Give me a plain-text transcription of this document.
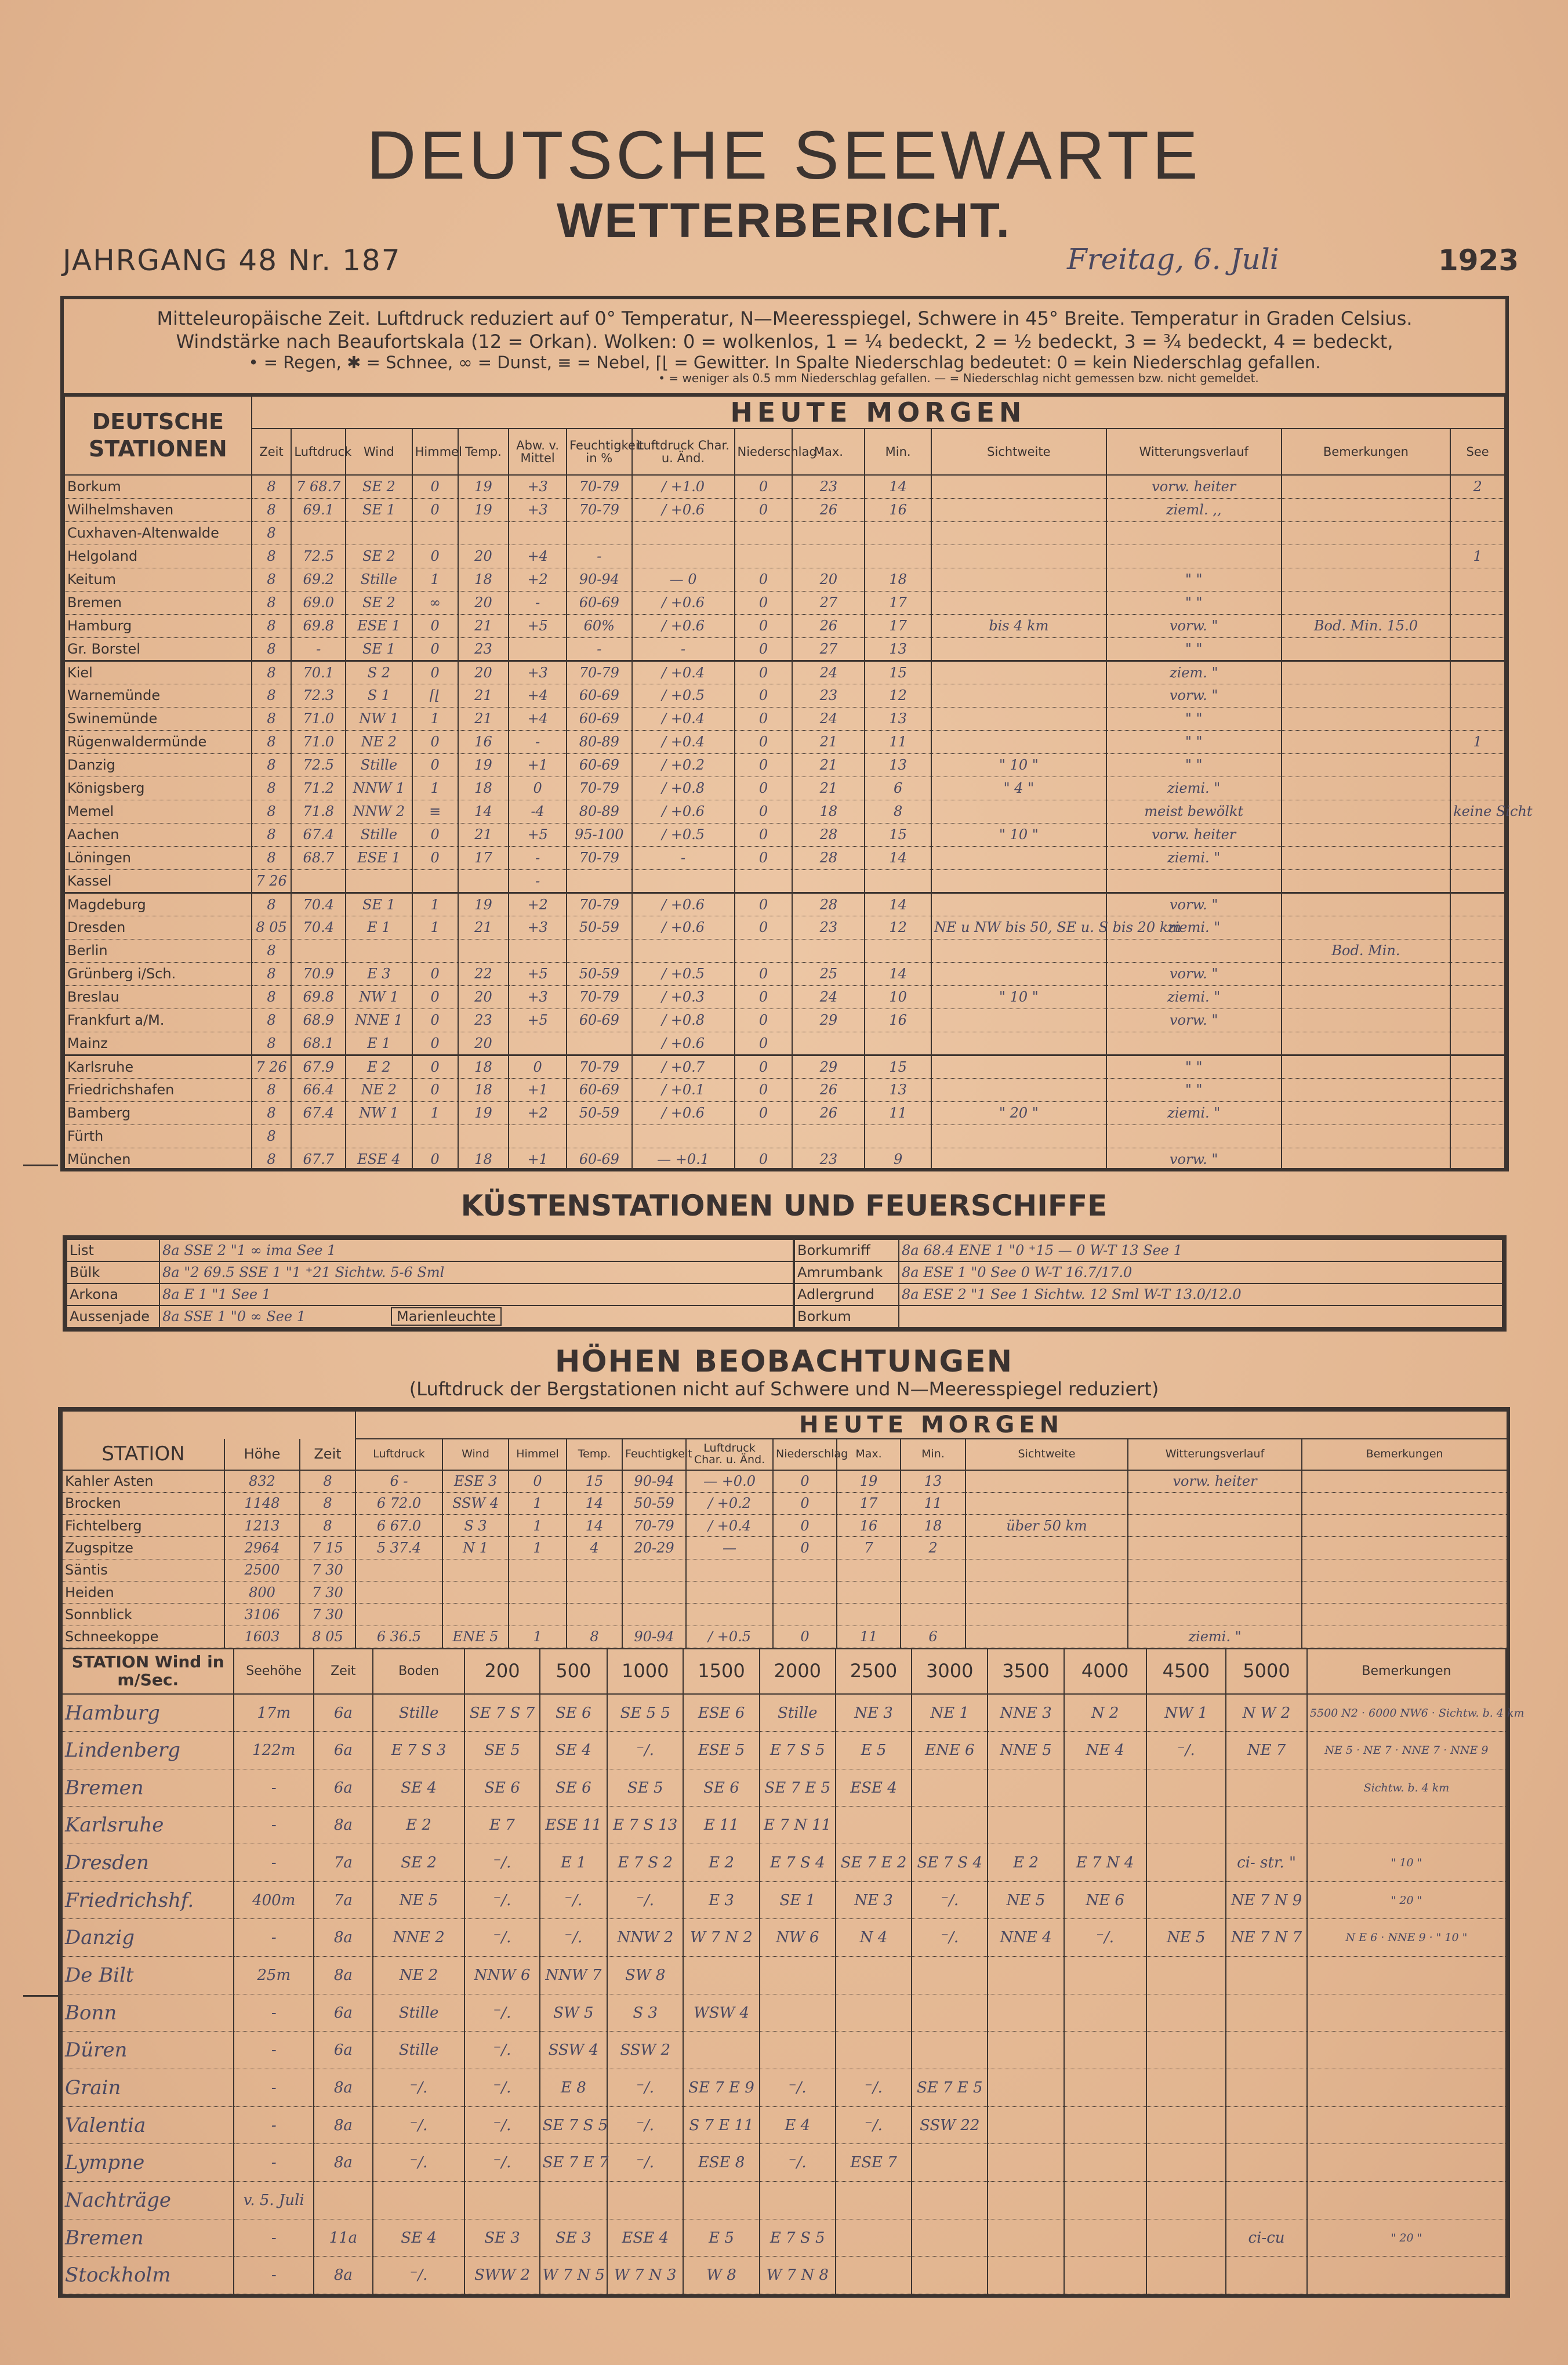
DEUTSCHE SEEWARTE
WETTERBERICHT.
JAHRGANG 48 Nr. 187	Freitag, 6. Juli	1923
Mitteleuropäische Zeit. Luftdruck reduziert auf 0° Temperatur, N—Meeresspiegel, Schwere in 45° Breite. Temperatur in Graden Celsius.
Windstärke nach Beaufortskala (12 = Orkan). Wolken: 0 = wolkenlos, 1 = ¼ bedeckt, 2 = ½ bedeckt, 3 = ¾ bedeckt, 4 = bedeckt,
• = Regen, ✱ = Schnee, ∞ = Dunst, ≡ = Nebel, ⌈⌊ = Gewitter. In Spalte Niederschlag bedeutet: 0 = kein Niederschlag gefallen.
• = weniger als 0.5 mm Niederschlag gefallen. — = Niederschlag nicht gemessen bzw. nicht gemeldet.
DEUTSCHE STATIONEN	HEUTE MORGEN														
	Zeit	Luftdruck	Wind	Himmel	Temp.	Abw. v. Mittel	Feuchtigkeit in %	Luftdruck Char. u. Änd.	Niederschlag	Max.	Min.	Sichtweite	Witterungsverlauf	Bemerkungen	See
Borkum	8	7 68.7	SE 2	0	19	+3	70-79	/ +1.0	0	23	14		vorw. heiter		2
Wilhelmshaven	8	69.1	SE 1	0	19	+3	70-79	/ +0.6	0	26	16		zieml. ,,		
Cuxhaven-Altenwalde	8														
Helgoland	8	72.5	SE 2	0	20	+4	-								1
Keitum	8	69.2	Stille	1	18	+2	90-94	— 0	0	20	18		" "		
Bremen	8	69.0	SE 2	∞	20	-	60-69	/ +0.6	0	27	17		" "		
Hamburg	8	69.8	ESE 1	0	21	+5	60%	/ +0.6	0	26	17	bis 4 km	vorw. "	Bod. Min. 15.0	
Gr. Borstel	8	-	SE 1	0	23		-	-	0	27	13		" "		
Kiel	8	70.1	S 2	0	20	+3	70-79	/ +0.4	0	24	15		ziem. "		
Warnemünde	8	72.3	S 1	⌈⌊	21	+4	60-69	/ +0.5	0	23	12		vorw. "		
Swinemünde	8	71.0	NW 1	1	21	+4	60-69	/ +0.4	0	24	13		" "		
Rügenwaldermünde	8	71.0	NE 2	0	16	-	80-89	/ +0.4	0	21	11		" "		1
Danzig	8	72.5	Stille	0	19	+1	60-69	/ +0.2	0	21	13	" 10 "	" "		
Königsberg	8	71.2	NNW 1	1	18	0	70-79	/ +0.8	0	21	6	" 4 "	ziemi. "		
Memel	8	71.8	NNW 2	≡	14	-4	80-89	/ +0.6	0	18	8		meist bewölkt		keine Sicht
Aachen	8	67.4	Stille	0	21	+5	95-100	/ +0.5	0	28	15	" 10 "	vorw. heiter		
Löningen	8	68.7	ESE 1	0	17	-	70-79	-	0	28	14		ziemi. "		
Kassel	7 26					-									
Magdeburg	8	70.4	SE 1	1	19	+2	70-79	/ +0.6	0	28	14		vorw. "		
Dresden	8 05	70.4	E 1	1	21	+3	50-59	/ +0.6	0	23	12	NE u NW bis 50, SE u. S bis 20 km	ziemi. "		
Berlin	8													Bod. Min.	
Grünberg i/Sch.	8	70.9	E 3	0	22	+5	50-59	/ +0.5	0	25	14		vorw. "		
Breslau	8	69.8	NW 1	0	20	+3	70-79	/ +0.3	0	24	10	" 10 "	ziemi. "		
Frankfurt a/M.	8	68.9	NNE 1	0	23	+5	60-69	/ +0.8	0	29	16		vorw. "		
Mainz	8	68.1	E 1	0	20			/ +0.6	0						
Karlsruhe	7 26	67.9	E 2	0	18	0	70-79	/ +0.7	0	29	15		" "		
Friedrichshafen	8	66.4	NE 2	0	18	+1	60-69	/ +0.1	0	26	13		" "		
Bamberg	8	67.4	NW 1	1	19	+2	50-59	/ +0.6	0	26	11	" 20 "	ziemi. "		
Fürth	8														
München	8	67.7	ESE 4	0	18	+1	60-69	— +0.1	0	23	9		vorw. "		
KÜSTENSTATIONEN UND FEUERSCHIFFE
List	8a SSE 2 "1 ∞ ima See 1
Bülk	8a "2 69.5 SSE 1 "1 ⁺21 Sichtw. 5-6 Sml
Arkona	8a E 1 "1 See 1
Aussenjade	8a SSE 1 "0 ∞ See 1	Marienleuchte
Borkumriff	8a 68.4 ENE 1 "0 ⁺15 — 0 W-T 13 See 1
Amrumbank	8a ESE 1 "0 See 0 W-T 16.7/17.0
Adlergrund	8a ESE 2 "1 See 1 Sichtw. 12 Sml W-T 13.0/12.0
Borkum	
HÖHEN BEOBACHTUNGEN
(Luftdruck der Bergstationen nicht auf Schwere und N—Meeresspiegel reduziert)
			HEUTE MORGEN											
STATION	Höhe	Zeit	Luftdruck	Wind	Himmel	Temp.	Feuchtigkeit	Luftdruck Char. u. Änd.	Niederschlag	Max.	Min.	Sichtweite	Witterungsverlauf	Bemerkungen
Kahler Asten	832	8	6 -	ESE 3	0	15	90-94	— +0.0	0	19	13		vorw. heiter	
Brocken	1148	8	6 72.0	SSW 4	1	14	50-59	/ +0.2	0	17	11			
Fichtelberg	1213	8	6 67.0	S 3	1	14	70-79	/ +0.4	0	16	18	über 50 km		
Zugspitze	2964	7 15	5 37.4	N 1	1	4	20-29	—	0	7	2			
Säntis	2500	7 30												
Heiden	800	7 30												
Sonnblick	3106	7 30												
Schneekoppe	1603	8 05	6 36.5	ENE 5	1	8	90-94	/ +0.5	0	11	6		ziemi. "	
STATION Wind in m/Sec.	Seehöhe	Zeit	Boden	200	500	1000	1500	2000	2500	3000	3500	4000	4500	5000	Bemerkungen
Hamburg	17m	6a	Stille	SE 7 S 7	SE 6	SE 5 5	ESE 6	Stille	NE 3	NE 1	NNE 3	N 2	NW 1	N W 2	5500 N2 · 6000 NW6 · Sichtw. b. 4 km
Lindenberg	122m	6a	E 7 S 3	SE 5	SE 4	⁻/.	ESE 5	E 7 S 5	E 5	ENE 6	NNE 5	NE 4	⁻/.	NE 7	NE 5 · NE 7 · NNE 7 · NNE 9
Bremen	-	6a	SE 4	SE 6	SE 6	SE 5	SE 6	SE 7 E 5	ESE 4						Sichtw. b. 4 km
Karlsruhe	-	8a	E 2	E 7	ESE 11	E 7 S 13	E 11	E 7 N 11							
Dresden	-	7a	SE 2	⁻/.	E 1	E 7 S 2	E 2	E 7 S 4	SE 7 E 2	SE 7 S 4	E 2	E 7 N 4		ci- str. "	" 10 "
Friedrichshf.	400m	7a	NE 5	⁻/.	⁻/.	⁻/.	E 3	SE 1	NE 3	⁻/.	NE 5	NE 6		NE 7 N 9	" 20 "
Danzig	-	8a	NNE 2	⁻/.	⁻/.	NNW 2	W 7 N 2	NW 6	N 4	⁻/.	NNE 4	⁻/.	NE 5	NE 7 N 7	N E 6 · NNE 9 · " 10 "
De Bilt	25m	8a	NE 2	NNW 6	NNW 7	SW 8									
Bonn	-	6a	Stille	⁻/.	SW 5	S 3	WSW 4								
Düren	-	6a	Stille	⁻/.	SSW 4	SSW 2									
Grain	-	8a	⁻/.	⁻/.	E 8	⁻/.	SE 7 E 9	⁻/.	⁻/.	SE 7 E 5					
Valentia	-	8a	⁻/.	⁻/.	SE 7 S 5	⁻/.	S 7 E 11	E 4	⁻/.	SSW 22					
Lympne	-	8a	⁻/.	⁻/.	SE 7 E 7	⁻/.	ESE 8	⁻/.	ESE 7						
Nachträge	v. 5. Juli														
Bremen	-	11a	SE 4	SE 3	SE 3	ESE 4	E 5	E 7 S 5						ci-cu	" 20 "
Stockholm	-	8a	⁻/.	SWW 2	W 7 N 5	W 7 N 3	W 8	W 7 N 8							
